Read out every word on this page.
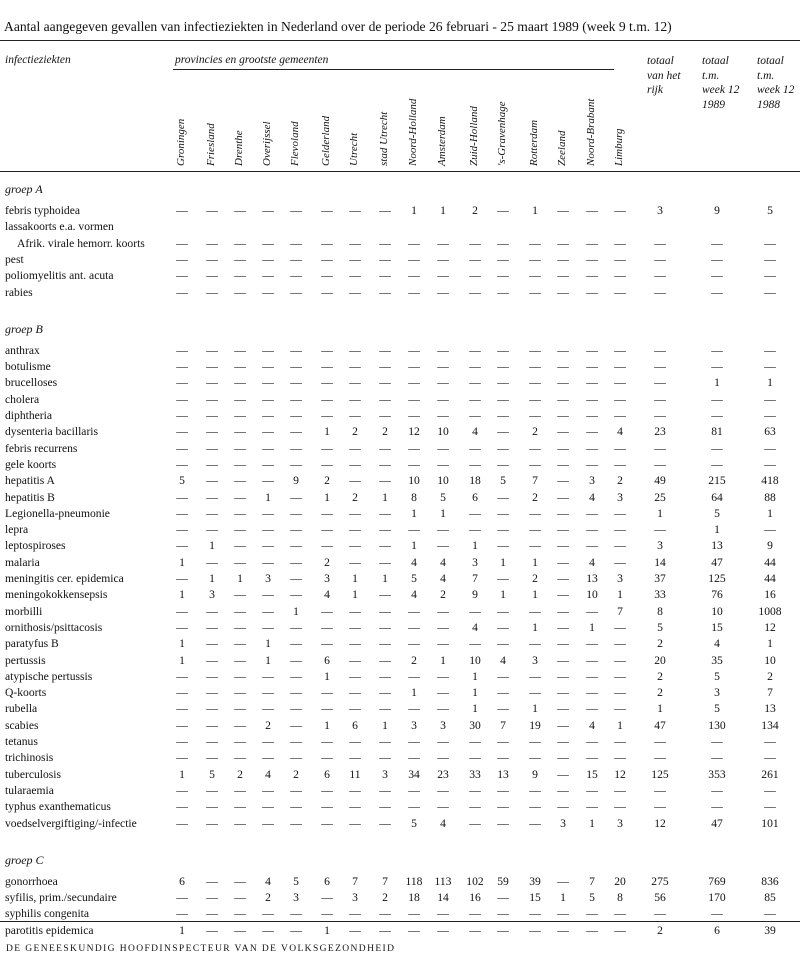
Aantal aangegeven gevallen van infectieziekten in Nederland over de periode 26 februari - 25 maart 1989 (week 9 t.m. 12)
infectieziekten	provincies en grootste gemeenten
Groningen Friesland Drenthe Overijssel Flevoland Gelderland Utrecht stad Utrecht Noord-Holland Amsterdam Zuid-Holland 's-Gravenhage Rotterdam Zeeland Noord-Brabant Limburg
totaal
van het
rijk
totaal
t.m.
week 12
1989
totaal
t.m.
week 12
1988
groep A
febris typhoidea	—	—	—	—	—	—	—	—	1	1	2	—	1	—	—	—	3	9	5
lassakoorts e.a. vormen
Afrik. virale hemorr. koorts	—	—	—	—	—	—	—	—	—	—	—	—	—	—	—	—	—	—	—
pest	—	—	—	—	—	—	—	—	—	—	—	—	—	—	—	—	—	—	—
poliomyelitis ant. acuta	—	—	—	—	—	—	—	—	—	—	—	—	—	—	—	—	—	—	—
rabies	—	—	—	—	—	—	—	—	—	—	—	—	—	—	—	—	—	—	—
groep B
anthrax	—	—	—	—	—	—	—	—	—	—	—	—	—	—	—	—	—	—	—
botulisme	—	—	—	—	—	—	—	—	—	—	—	—	—	—	—	—	—	—	—
brucelloses	—	—	—	—	—	—	—	—	—	—	—	—	—	—	—	—	—	1	1
cholera	—	—	—	—	—	—	—	—	—	—	—	—	—	—	—	—	—	—	—
diphtheria	—	—	—	—	—	—	—	—	—	—	—	—	—	—	—	—	—	—	—
dysenteria bacillaris	—	—	—	—	—	1	2	2	12	10	4	—	2	—	—	4	23	81	63
febris recurrens	—	—	—	—	—	—	—	—	—	—	—	—	—	—	—	—	—	—	—
gele koorts	—	—	—	—	—	—	—	—	—	—	—	—	—	—	—	—	—	—	—
hepatitis A	5	—	—	—	9	2	—	—	10	10	18	5	7	—	3	2	49	215	418
hepatitis B	—	—	—	1	—	1	2	1	8	5	6	—	2	—	4	3	25	64	88
Legionella-pneumonie	—	—	—	—	—	—	—	—	1	1	—	—	—	—	—	—	1	5	1
lepra	—	—	—	—	—	—	—	—	—	—	—	—	—	—	—	—	—	1	—
leptospiroses	—	1	—	—	—	—	—	—	1	—	1	—	—	—	—	—	3	13	9
malaria	1	—	—	—	—	2	—	—	4	4	3	1	1	—	4	—	14	47	44
meningitis cer. epidemica	—	1	1	3	—	3	1	1	5	4	7	—	2	—	13	3	37	125	44
meningokokkensepsis	1	3	—	—	—	4	1	—	4	2	9	1	1	—	10	1	33	76	16
morbilli	—	—	—	—	1	—	—	—	—	—	—	—	—	—	—	7	8	10	1008
ornithosis/psittacosis	—	—	—	—	—	—	—	—	—	—	4	—	1	—	1	—	5	15	12
paratyfus B	1	—	—	1	—	—	—	—	—	—	—	—	—	—	—	—	2	4	1
pertussis	1	—	—	1	—	6	—	—	2	1	10	4	3	—	—	—	20	35	10
atypische pertussis	—	—	—	—	—	1	—	—	—	—	1	—	—	—	—	—	2	5	2
Q-koorts	—	—	—	—	—	—	—	—	1	—	1	—	—	—	—	—	2	3	7
rubella	—	—	—	—	—	—	—	—	—	—	1	—	1	—	—	—	1	5	13
scabies	—	—	—	2	—	1	6	1	3	3	30	7	19	—	4	1	47	130	134
tetanus	—	—	—	—	—	—	—	—	—	—	—	—	—	—	—	—	—	—	—
trichinosis	—	—	—	—	—	—	—	—	—	—	—	—	—	—	—	—	—	—	—
tuberculosis	1	5	2	4	2	6	11	3	34	23	33	13	9	—	15	12	125	353	261
tularaemia	—	—	—	—	—	—	—	—	—	—	—	—	—	—	—	—	—	—	—
typhus exanthematicus	—	—	—	—	—	—	—	—	—	—	—	—	—	—	—	—	—	—	—
voedselvergiftiging/-infectie	—	—	—	—	—	—	—	—	5	4	—	—	—	3	1	3	12	47	101
groep C
gonorrhoea	6	—	—	4	5	6	7	7	118	113	102	59	39	—	7	20	275	769	836
syfilis, prim./secundaire	—	—	—	2	3	—	3	2	18	14	16	—	15	1	5	8	56	170	85
syphilis congenita	—	—	—	—	—	—	—	—	—	—	—	—	—	—	—	—	—	—	—
parotitis epidemica	1	—	—	—	—	1	—	—	—	—	—	—	—	—	—	—	2	6	39
DE GENEESKUNDIG HOOFDINSPECTEUR VAN DE VOLKSGEZONDHEID
